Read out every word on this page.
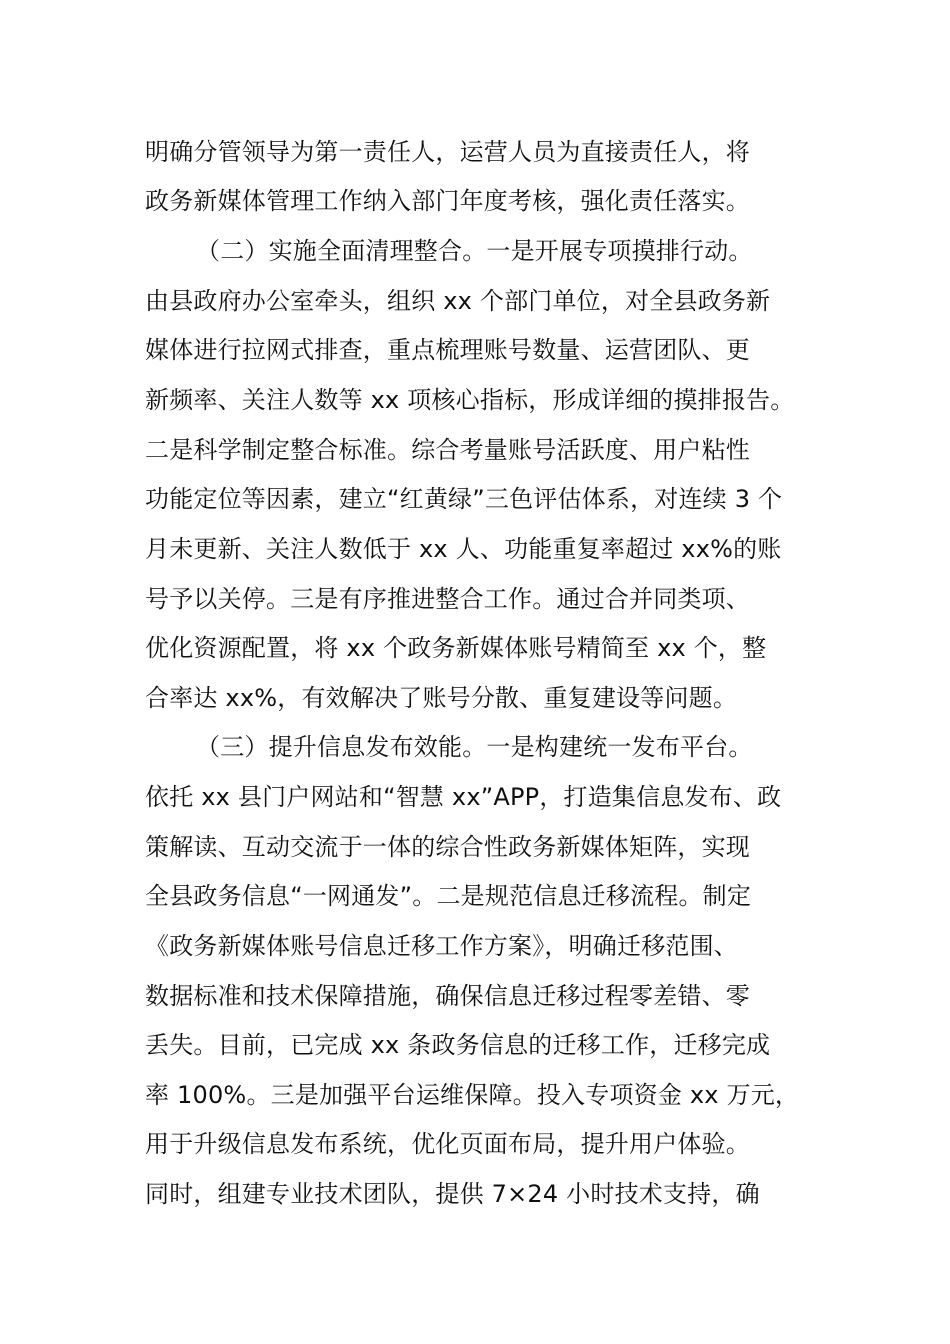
明确分管领导为第一责任人，运营人员为直接责任人，将
政务新媒体管理工作纳入部门年度考核，强化责任落实。
（二）实施全面清理整合。一是开展专项摸排行动。
由县政府办公室牵头，组织 xx 个部门单位，对全县政务新
媒体进行拉网式排查，重点梳理账号数量、运营团队、更
新频率、关注人数等 xx 项核心指标，形成详细的摸排报告。
二是科学制定整合标准。综合考量账号活跃度、用户粘性
功能定位等因素，建立“红黄绿”三色评估体系，对连续 3 个
月未更新、关注人数低于 xx 人、功能重复率超过 xx%的账
号予以关停。三是有序推进整合工作。通过合并同类项、
优化资源配置，将 xx 个政务新媒体账号精简至 xx 个，整
合率达 xx%，有效解决了账号分散、重复建设等问题。
（三）提升信息发布效能。一是构建统一发布平台。
依托 xx 县门户网站和“智慧 xx”APP，打造集信息发布、政
策解读、互动交流于一体的综合性政务新媒体矩阵，实现
全县政务信息“一网通发”。二是规范信息迁移流程。制定
《政务新媒体账号信息迁移工作方案》，明确迁移范围、
数据标准和技术保障措施，确保信息迁移过程零差错、零
丢失。目前，已完成 xx 条政务信息的迁移工作，迁移完成
率 100%。三是加强平台运维保障。投入专项资金 xx 万元，
用于升级信息发布系统，优化页面布局，提升用户体验。
同时，组建专业技术团队，提供 7×24 小时技术支持，确
